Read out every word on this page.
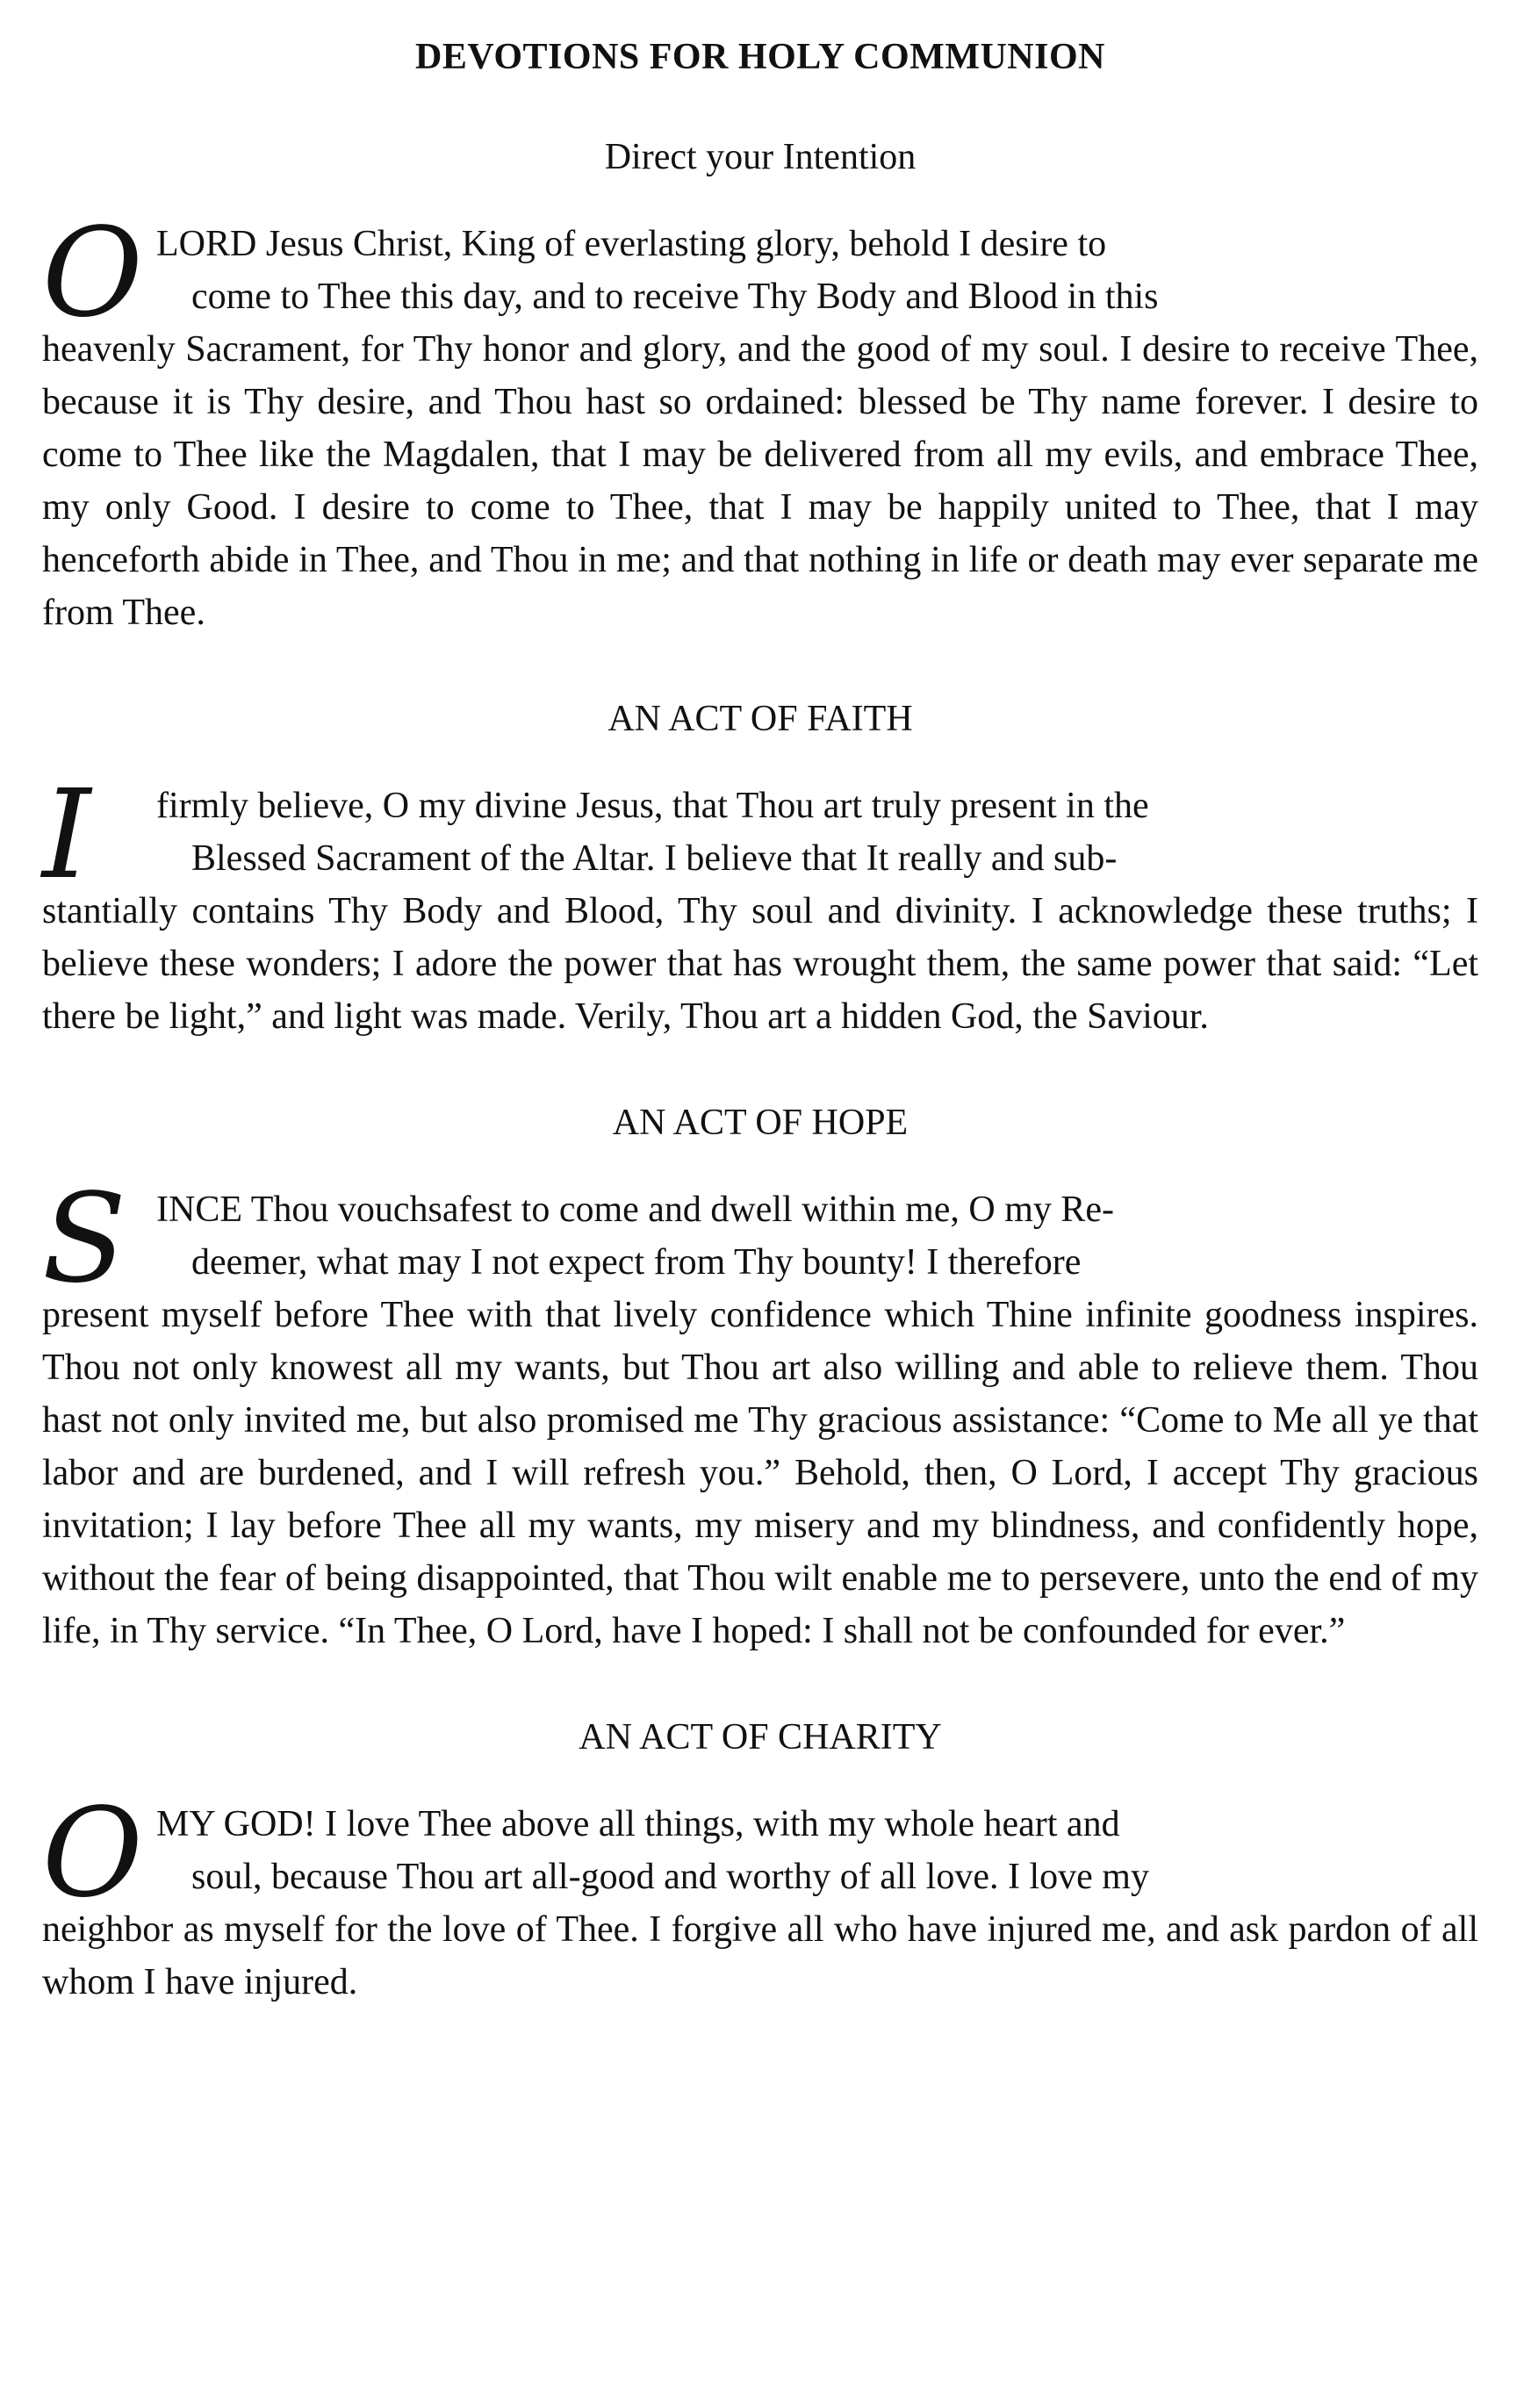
DEVOTIONS FOR HOLY COMMUNION
Direct your Intention
O LORD Jesus Christ, King of everlasting glory, behold I desire to
come to Thee this day, and to receive Thy Body and Blood in this
heavenly Sacrament, for Thy honor and glory, and the good of my soul. I desire to receive Thee, because it is Thy desire, and Thou hast so ordained: blessed be Thy name forever. I desire to come to Thee like the Magdalen, that I may be delivered from all my evils, and embrace Thee, my only Good. I desire to come to Thee, that I may be happily united to Thee, that I may henceforth abide in Thee, and Thou in me; and that nothing in life or death may ever separate me from Thee.
AN ACT OF FAITH
I	firmly believe, O my divine Jesus, that Thou art truly present in the
Blessed Sacrament of the Altar. I believe that It really and sub-
stantially contains Thy Body and Blood, Thy soul and divinity. I acknowledge these truths; I believe these wonders; I adore the power that has wrought them, the same power that said: “Let there be light,” and light was made. Verily, Thou art a hidden God, the Saviour.
AN ACT OF HOPE
S INCE Thou vouchsafest to come and dwell within me, O my Re-
deemer, what may I not expect from Thy bounty! I therefore
present myself before Thee with that lively confidence which Thine infinite goodness inspires. Thou not only knowest all my wants, but Thou art also willing and able to relieve them. Thou hast not only invited me, but also promised me Thy gracious assistance: “Come to Me all ye that labor and are burdened, and I will refresh you.” Behold, then, O Lord, I accept Thy gracious invitation; I lay before Thee all my wants, my misery and my blindness, and confidently hope, without the fear of being disappointed, that Thou wilt enable me to persevere, unto the end of my life, in Thy service. “In Thee, O Lord, have I hoped: I shall not be confounded for ever.”
AN ACT OF CHARITY
O MY GOD! I love Thee above all things, with my whole heart and
soul, because Thou art all-good and worthy of all love. I love my
neighbor as myself for the love of Thee. I forgive all who have injured me, and ask pardon of all whom I have injured.
